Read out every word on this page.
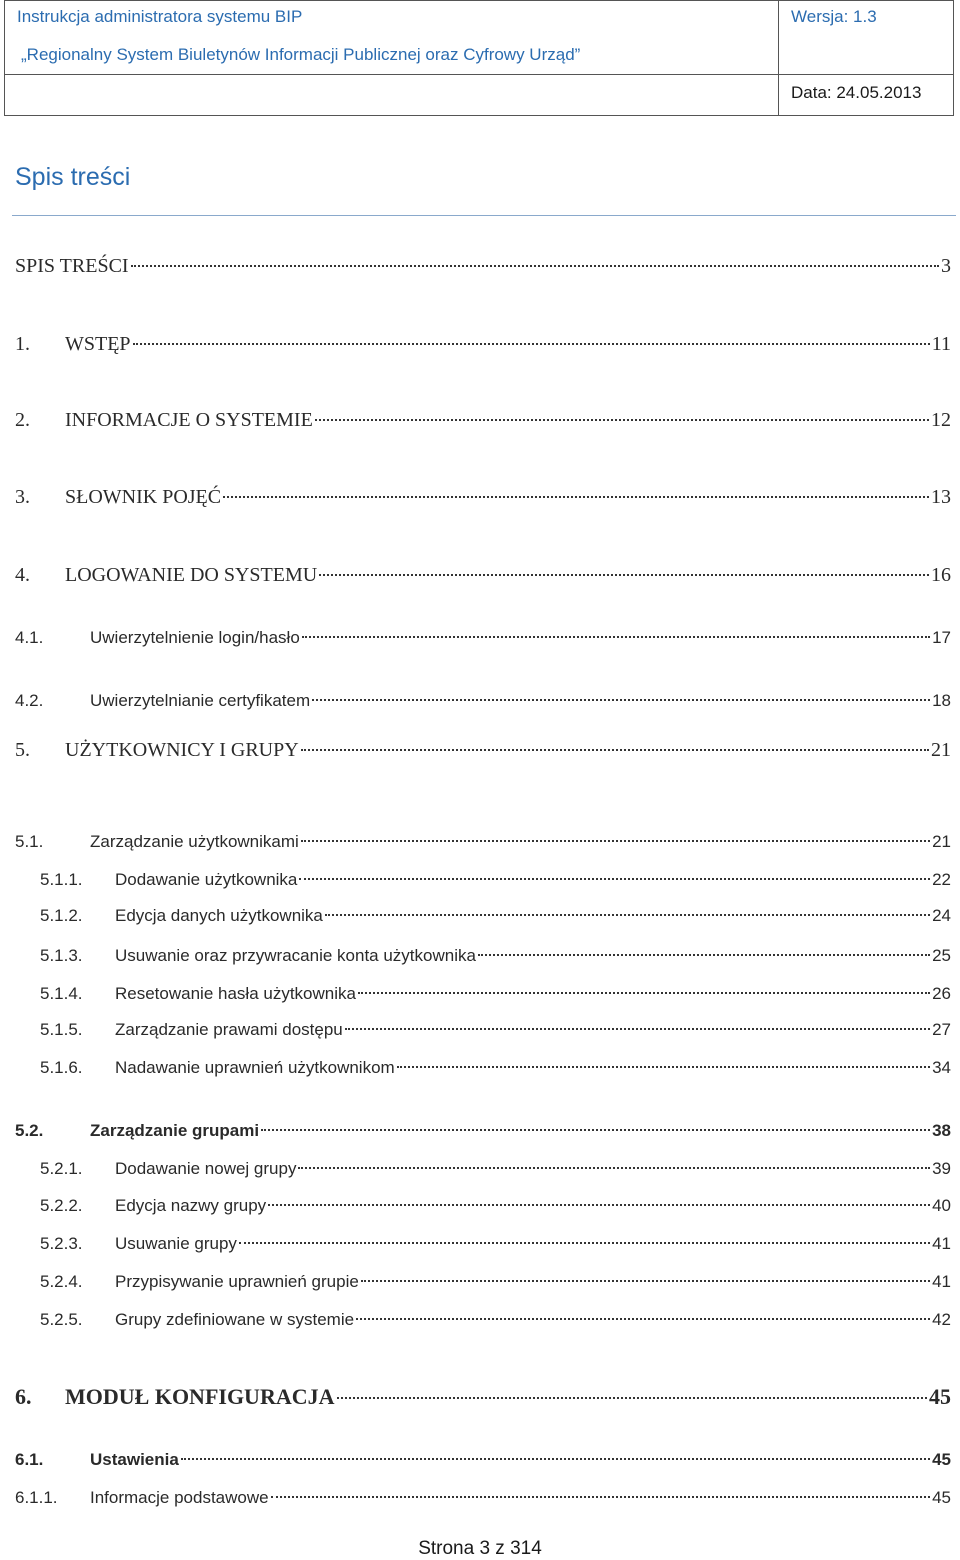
Instrukcja administratora systemu BIP
„Regionalny System Biuletynów Informacji Publicznej oraz Cyfrowy Urząd”
Wersja: 1.3
Data: 24.05.2013
Spis treści
SPIS TREŚCI	3
1.	WSTĘP	11
2.	INFORMACJE O SYSTEMIE	12
3.	SŁOWNIK POJĘĆ	13
4.	LOGOWANIE DO SYSTEMU	16
4.1.	Uwierzytelnienie login/hasło	17
4.2.	Uwierzytelnianie certyfikatem	18
5.	UŻYTKOWNICY I GRUPY	21
5.1.	Zarządzanie użytkownikami	21
5.1.1.	Dodawanie użytkownika	22
5.1.2.	Edycja danych użytkownika	24
5.1.3.	Usuwanie oraz przywracanie konta użytkownika	25
5.1.4.	Resetowanie hasła użytkownika	26
5.1.5.	Zarządzanie prawami dostępu	27
5.1.6.	Nadawanie uprawnień użytkownikom	34
5.2.	Zarządzanie grupami	38
5.2.1.	Dodawanie nowej grupy	39
5.2.2.	Edycja nazwy grupy	40
5.2.3.	Usuwanie grupy	41
5.2.4.	Przypisywanie uprawnień grupie	41
5.2.5.	Grupy zdefiniowane w systemie	42
6.	MODUŁ KONFIGURACJA	45
6.1.	Ustawienia	45
6.1.1.	Informacje podstawowe	45
Strona 3 z 314
